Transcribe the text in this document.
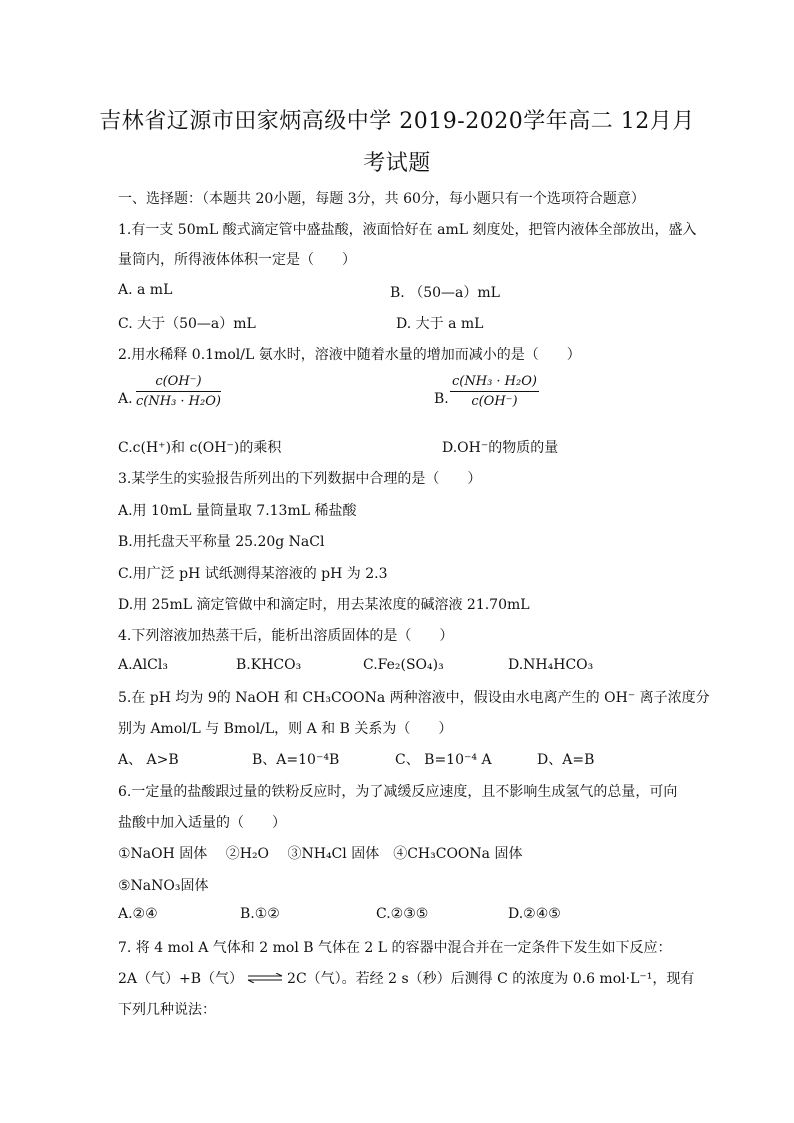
吉林省辽源市田家炳高级中学 2019-2020学年高二 12月月
考试题
一、选择题：（本题共 20小题，每题 3分，共 60分，每小题只有一个选项符合题意）
1.有一支 50mL 酸式滴定管中盛盐酸，液面恰好在 amL 刻度处，把管内液体全部放出，盛入
量筒内，所得液体体积一定是（　　）
A. a mL	B. （50—a）mL
C. 大于（50—a）mL	D. 大于 a mL
2.用水稀释 0.1mol/L 氨水时，溶液中随着水量的增加而减小的是（　　）
A. $\frac{c(OH^-)}{\text{c(NH₃ · H₂O)}}$	B. $\frac{\text{c(NH₃ · H₂O)}}{c(OH^-)}$
C.c(H⁺)和 c(OH⁻)的乘积	D.OH⁻的物质的量
3.某学生的实验报告所列出的下列数据中合理的是（　　）
A.用 10mL 量筒量取 7.13mL 稀盐酸
B.用托盘天平称量 25.20g NaCl
C.用广泛 pH 试纸测得某溶液的 pH 为 2.3
D.用 25mL 滴定管做中和滴定时，用去某浓度的碱溶液 21.70mL
4.下列溶液加热蒸干后，能析出溶质固体的是（　　）
A.AlCl₃	B.KHCO₃	C.Fe₂(SO₄)₃	D.NH₄HCO₃
5.在 pH 均为 9的 NaOH 和 CH₃COONa 两种溶液中，假设由水电离产生的 OH⁻ 离子浓度分
别为 Amol/L 与 Bmol/L，则 A 和 B 关系为（　　）
A、 A>B	B、A=10⁻⁴B	C、 B=10⁻⁴ A	D、A=B
6.一定量的盐酸跟过量的铁粉反应时，为了减缓反应速度，且不影响生成氢气的总量，可向
盐酸中加入适量的（　　）
①NaOH 固体　 ②H₂O　 ③NH₄Cl 固体　④CH₃COONa 固体
⑤NaNO₃固体
A.②④	B.①②	C.②③⑤	D.②④⑤
7. 将 4 mol A 气体和 2 mol B 气体在 2 L 的容器中混合并在一定条件下发生如下反应：
2A（气）+B（气） ⇌ 2C（气）。若经 2 s（秒）后测得 C 的浓度为 0.6 mol·L⁻¹，现有
下列几种说法：
